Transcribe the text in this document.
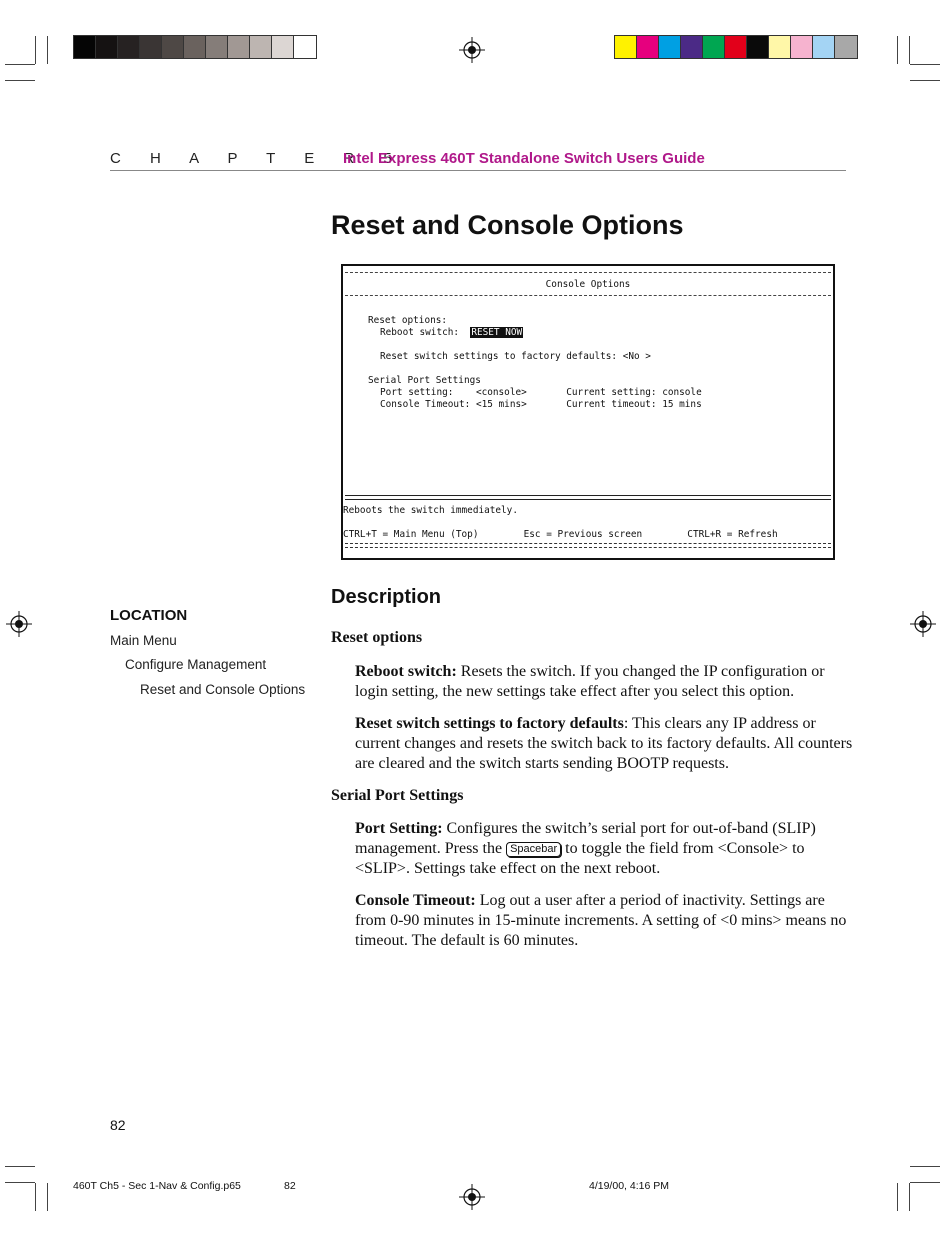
C H A P T E R 5
Intel Express 460T Standalone Switch Users Guide
Reset and Console Options
Console Options
Reset options:
Reboot switch: RESET NOW
Reset switch settings to factory defaults: <No >
Serial Port Settings
Port setting:    <console>       Current setting: console
Console Timeout: <15 mins>       Current timeout: 15 mins
Reboots the switch immediately.
CTRL+T = Main Menu (Top)        Esc = Previous screen        CTRL+R = Refresh
LOCATION
Main Menu
Configure Management
Reset and Console Options
Description

Reset options

Reboot switch: Resets the switch. If you changed the IP configuration or login setting, the new settings take effect after you select this option.

Reset switch settings to factory defaults: This clears any IP address or current changes and resets the switch back to its factory defaults. All counters are cleared and the switch starts sending BOOTP requests.

Serial Port Settings

Port Setting: Configures the switch’s serial port for out-of-band (SLIP) management. Press the Spacebar to toggle the field from <Console> to <SLIP>. Settings take effect on the next reboot.

Console Timeout: Log out a user after a period of inactivity. Settings are from 0-90 minutes in 15-minute increments. A setting of <0 mins> means no timeout. The default is 60 minutes.

82
460T Ch5 - Sec 1-Nav & Config.p65	82	4/19/00, 4:16 PM
